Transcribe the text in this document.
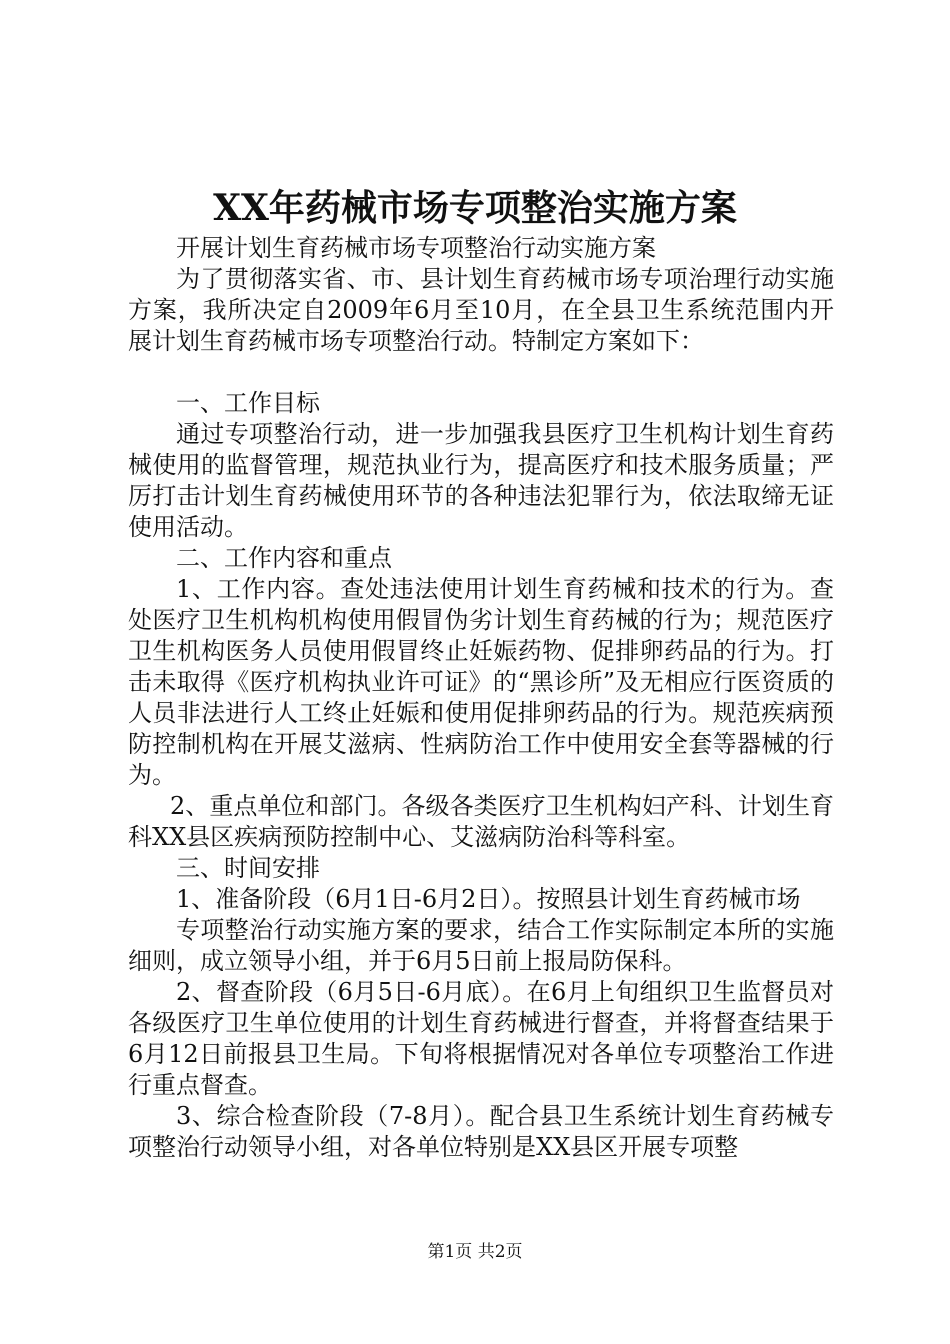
XX年药械市场专项整治实施方案

开展计划生育药械市场专项整治行动实施方案

为了贯彻落实省、市、县计划生育药械市场专项治理行动实施方案，我所决定自2009年6月至10月，在全县卫生系统范围内开展计划生育药械市场专项整治行动。特制定方案如下：

一、工作目标

通过专项整治行动，进一步加强我县医疗卫生机构计划生育药械使用的监督管理，规范执业行为，提高医疗和技术服务质量；严厉打击计划生育药械使用环节的各种违法犯罪行为，依法取缔无证使用活动。

二、工作内容和重点

1、工作内容。查处违法使用计划生育药械和技术的行为。查处医疗卫生机构机构使用假冒伪劣计划生育药械的行为；规范医疗卫生机构医务人员使用假冒终止妊娠药物、促排卵药品的行为。打击未取得《医疗机构执业许可证》的“黑诊所”及无相应行医资质的人员非法进行人工终止妊娠和使用促排卵药品的行为。规范疾病预防控制机构在开展艾滋病、性病防治工作中使用安全套等器械的行为。

2、重点单位和部门。各级各类医疗卫生机构妇产科、计划生育科XX县区疾病预防控制中心、艾滋病防治科等科室。

三、时间安排

1、准备阶段（6月1日-6月2日）。按照县计划生育药械市场

专项整治行动实施方案的要求，结合工作实际制定本所的实施细则，成立领导小组，并于6月5日前上报局防保科。

2、督查阶段（6月5日-6月底）。在6月上旬组织卫生监督员对各级医疗卫生单位使用的计划生育药械进行督查，并将督查结果于6月12日前报县卫生局。下旬将根据情况对各单位专项整治工作进行重点督查。

3、综合检查阶段（7-8月）。配合县卫生系统计划生育药械专项整治行动领导小组，对各单位特别是XX县区开展专项整

第1页 共2页
